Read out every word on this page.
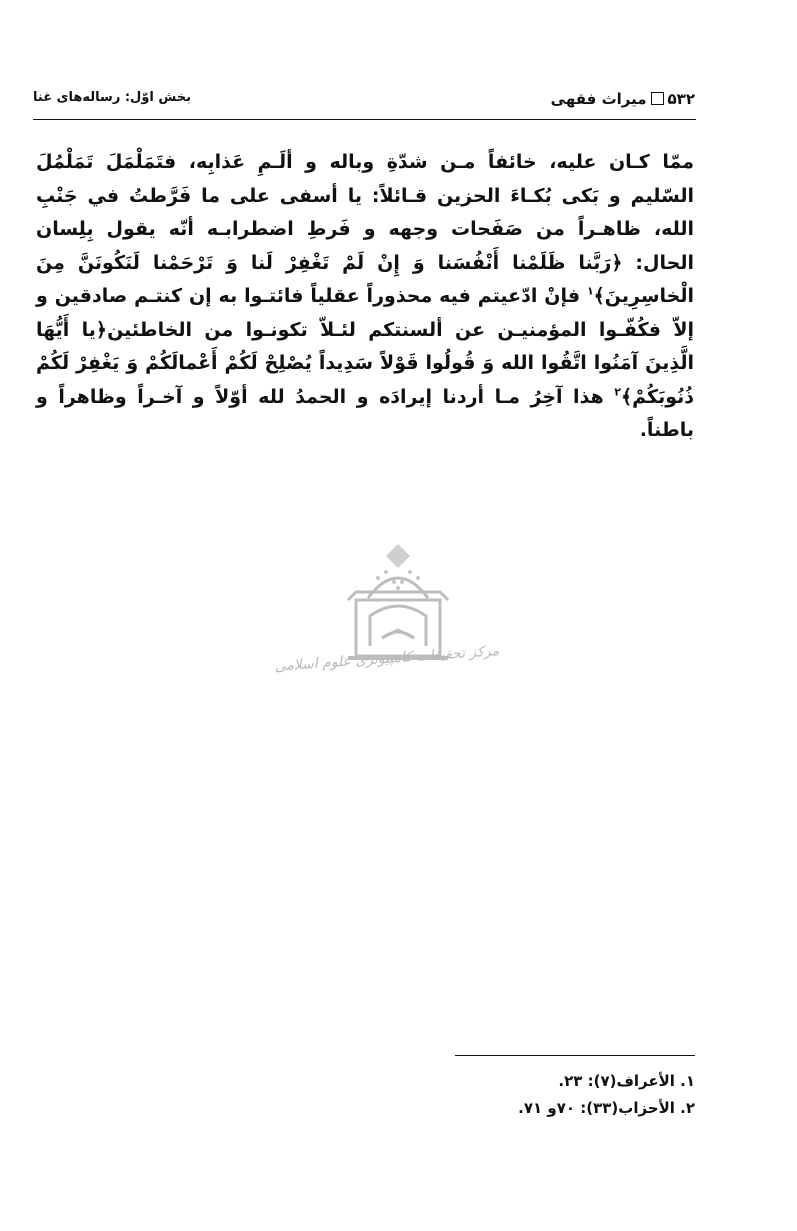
۵۳۲میراث فقهی
بخش اوّل: رساله‌های غنا
ممّا کـان علیه، خائفاً مـن شدّةِ وباله و ألَـمِ عَذابِه، فتَمَلْمَلَ تَمَلْمُلَ السّلیم و بَکی بُکـاءَ الحزین قـائلاً: یا أسفی علی ما فَرَّطتُ في جَنْبِ الله، ظاهـراً من صَفَحات وجهه و فَرطِ اضطرابـه أنّه یقول بِلِسان الحال: ﴿رَبَّنا ظَلَمْنا أَنْفُسَنا وَ إِنْ لَمْ تَغْفِرْ لَنا وَ تَرْحَمْنا لَنَكُونَنَّ مِنَ الْخاسِرِينَ﴾$^۱$ فإنْ ادّعیتم فیه محذوراً عقلیاً فائتـوا به إن کنتـم صادقین و إلاّ فکُفّـوا المؤمنیـن عن ألسنتکم لئـلاّ تکونـوا من الخاطئین﴿يا أَيُّهَا الَّذِينَ آمَنُوا اتَّقُوا الله وَ قُولُوا قَوْلاً سَدِيداً يُصْلِحْ لَكُمْ أَعْمالَكُمْ وَ يَغْفِرْ لَكُمْ ذُنُوبَكُمْ﴾$^۲$ هذا آخِرُ مـا أردنا إیرادَه و الحمدُ لله أوّلاً و آخـراً وظاهراً و باطناً.
مرکز تحقیقات کامپیوتری علوم اسلامی
۱. الأعراف(۷): ۲۳.
۲. الأحزاب(۳۳): ۷۰و ۷۱.
